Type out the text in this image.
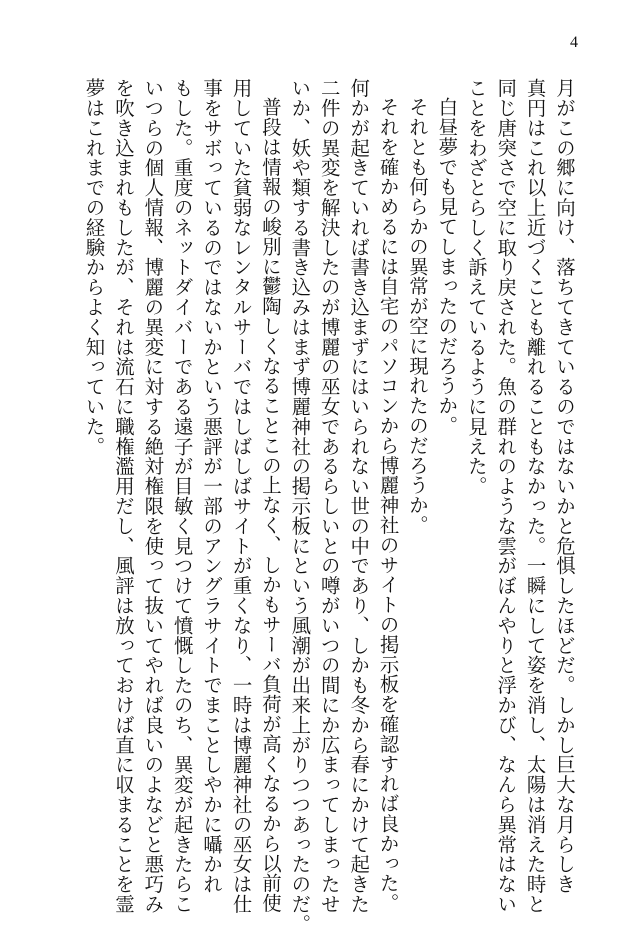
4
月がこの郷に向け、落ちてきているのではないかと危惧したほどだ。しかし巨大な月らしき
真円はこれ以上近づくことも離れることもなかった。一瞬にして姿を消し、太陽は消えた時と
同じ唐突さで空に取り戻された。魚の群れのような雲がぼんやりと浮かび、なんら異常はない
ことをわざとらしく訴えているように見えた。
白昼夢でも見てしまったのだろうか。
それとも何らかの異常が空に現れたのだろうか。
それを確かめるには自宅のパソコンから博麗神社のサイトの掲示板を確認すれば良かった。
何かが起きていれば書き込まずにはいられない世の中であり、しかも冬から春にかけて起きた
二件の異変を解決したのが博麗の巫女であるらしいとの噂がいつの間にか広まってしまったせ
いか、妖や類する書き込みはまず博麗神社の掲示板にという風潮が出来上がりつつあったのだ。
普段は情報の峻別に鬱陶しくなることこの上なく、しかもサーバ負荷が高くなるから以前使
用していた貧弱なレンタルサーバではしばしばサイトが重くなり、一時は博麗神社の巫女は仕
事をサボっているのではないかという悪評が一部のアングラサイトでまことしやかに囁かれ
もした。重度のネットダイバーである遠子が目敏く見つけて憤慨したのち、異変が起きたらこ
いつらの個人情報、博麗の異変に対する絶対権限を使って抜いてやれば良いのよなどと悪巧み
を吹き込まれもしたが、それは流石に職権濫用だし、風評は放っておけば直に収まることを霊
夢はこれまでの経験からよく知っていた。
